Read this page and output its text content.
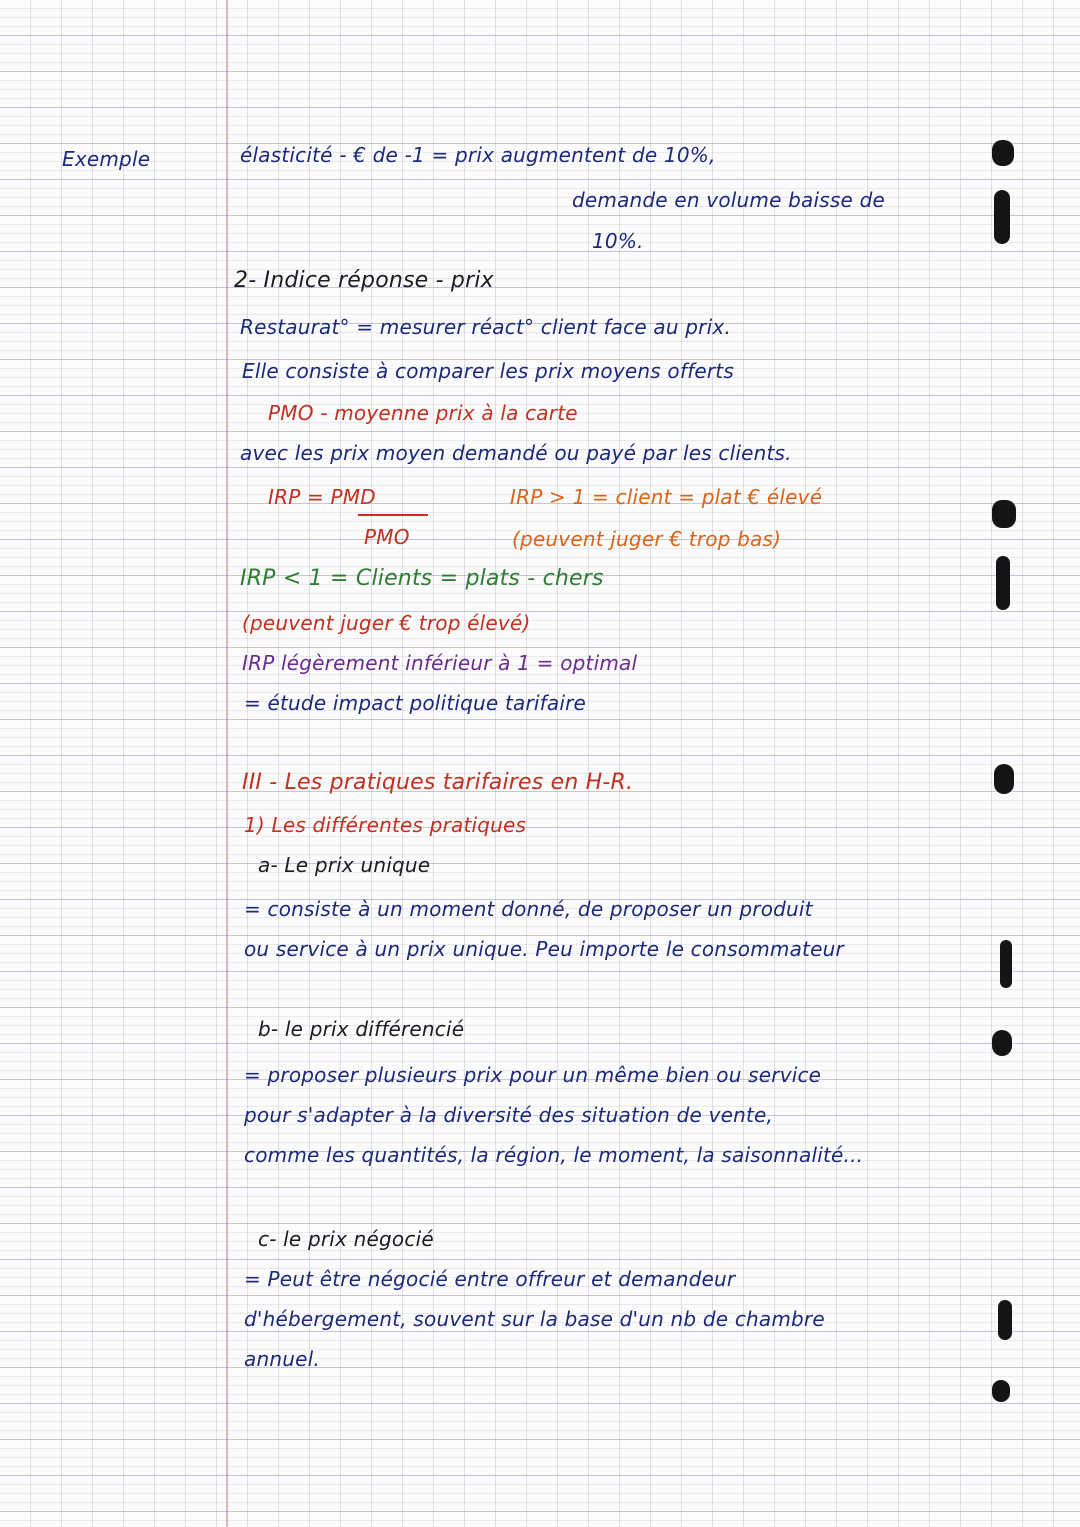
Exemple	élasticité - € de -1 = prix augmentent de 10%,
demande en volume baisse de
10%.
2- Indice réponse - prix
Restaurat° = mesurer réact° client face au prix.
Elle consiste à comparer les prix moyens offerts
PMO - moyenne prix à la carte
avec les prix moyen demandé ou payé par les clients.
IRP = PMD
PMO
IRP > 1 = client = plat € élevé
(peuvent juger € trop bas)
IRP < 1 = Clients = plats - chers
(peuvent juger € trop élevé)
IRP légèrement inférieur à 1 = optimal
= étude impact politique tarifaire
III - Les pratiques tarifaires en H-R.
1) Les différentes pratiques
a- Le prix unique
= consiste à un moment donné, de proposer un produit
ou service à un prix unique. Peu importe le consommateur
b- le prix différencié
= proposer plusieurs prix pour un même bien ou service
pour s'adapter à la diversité des situation de vente,
comme les quantités, la région, le moment, la saisonnalité...
c- le prix négocié
= Peut être négocié entre offreur et demandeur
d'hébergement, souvent sur la base d'un nb de chambre
annuel.
